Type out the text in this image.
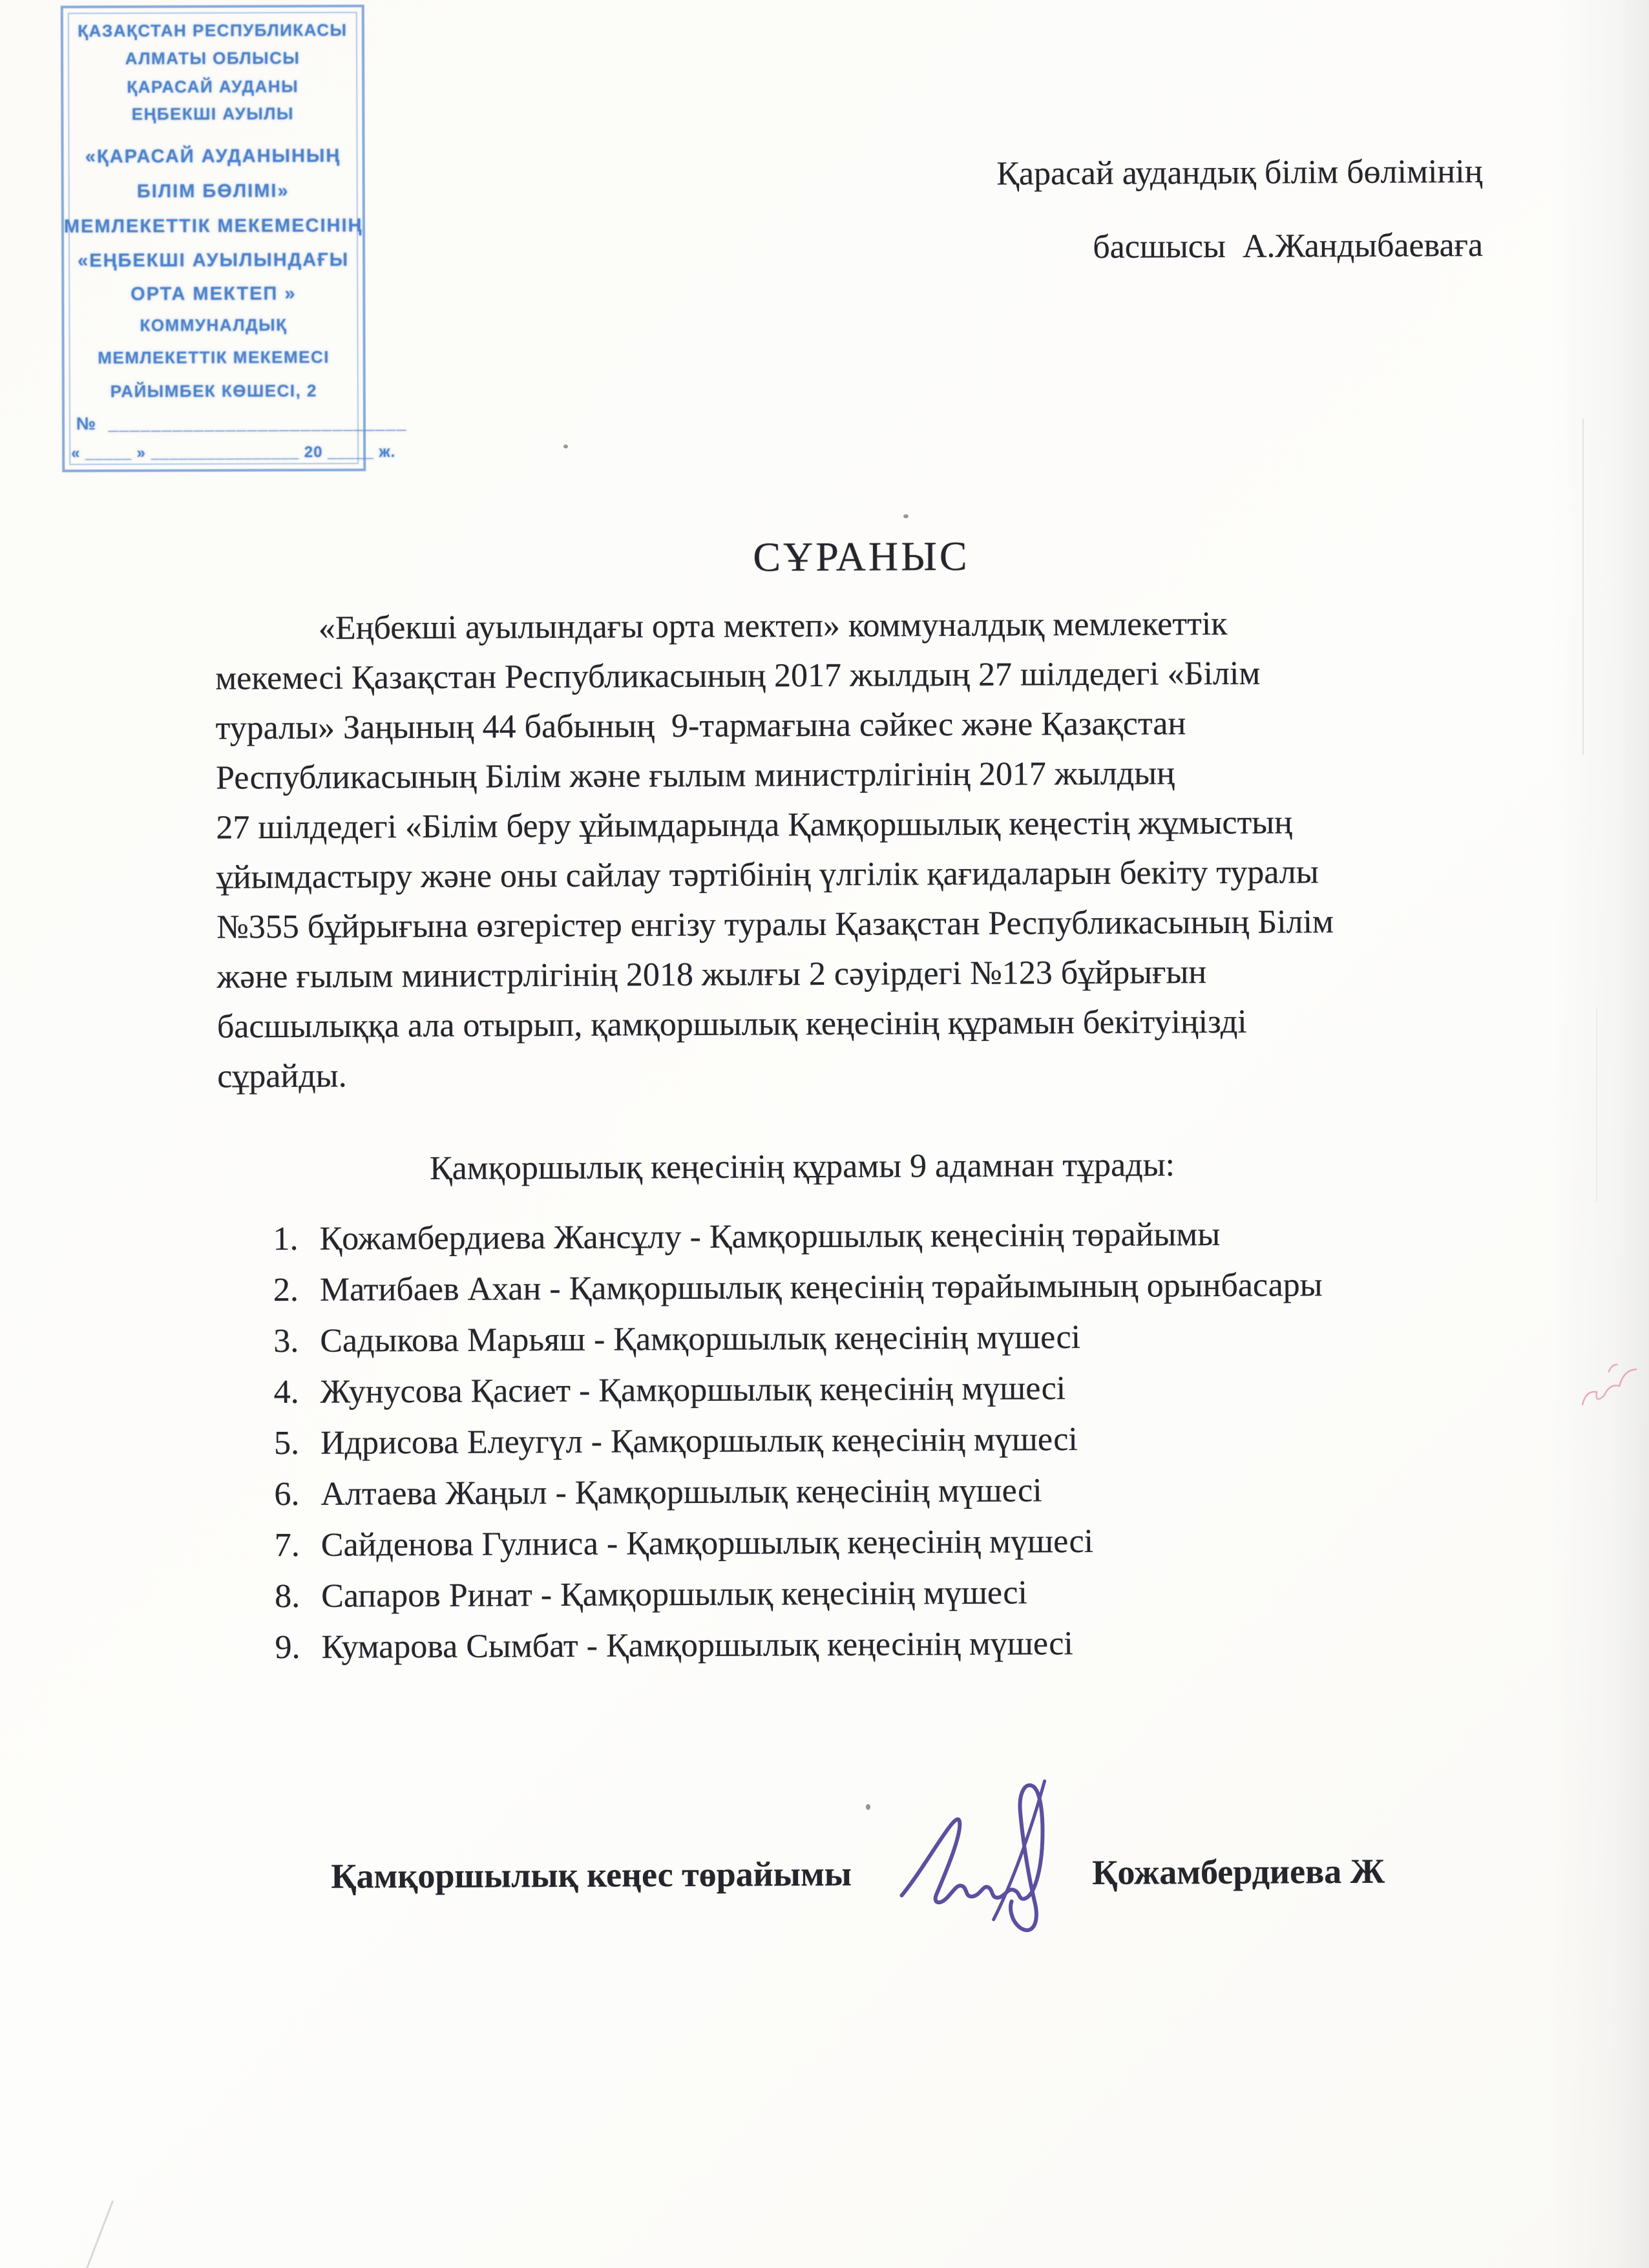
ҚАЗАҚСТАН РЕСПУБЛИКАСЫ
АЛМАТЫ ОБЛЫСЫ
ҚАРАСАЙ АУДАНЫ
ЕҢБЕКШІ АУЫЛЫ
«ҚАРАСАЙ АУДАНЫНЫҢ
БІЛІМ БӨЛІМІ»
МЕМЛЕКЕТТІК МЕКЕМЕСІНІҢ
«ЕҢБЕКШІ АУЫЛЫНДАҒЫ
ОРТА МЕКТЕП »
КОММУНАЛДЫҚ
МЕМЛЕКЕТТІК МЕКЕМЕСІ
РАЙЫМБЕК КӨШЕСІ, 2
№  ____________________________
« _____ » ________________ 20 _____ ж.
Қарасай аудандық білім бөлімінің
басшысы  А.Жандыбаеваға
СҰРАНЫС
«Еңбекші ауылындағы орта мектеп» коммуналдық мемлекеттік
мекемесі Қазақстан Республикасының 2017 жылдың 27 шілдедегі «Білім
туралы» Заңының 44 бабының  9-тармағына сәйкес және Қазақстан
Республикасының Білім және ғылым министрлігінің 2017 жылдың
27 шілдедегі «Білім беру ұйымдарында Қамқоршылық кеңестің жұмыстың
ұйымдастыру және оны сайлау тәртібінің үлгілік қағидаларын бекіту туралы
№355 бұйрығына өзгерістер енгізу туралы Қазақстан Республикасының Білім
және ғылым министрлігінің 2018 жылғы 2 сәуірдегі №123 бұйрығын
басшылыққа ала отырып, қамқоршылық кеңесінің құрамын бекітуіңізді
сұрайды.
Қамқоршылық кеңесінің құрамы 9 адамнан тұрады:
1. Қожамбердиева Жансұлу - Қамқоршылық кеңесінің төрайымы
2. Матибаев Ахан - Қамқоршылық кеңесінің төрайымының орынбасары
3. Садыкова Марьяш - Қамқоршылық кеңесінің мүшесі
4. Жунусова Қасиет - Қамқоршылық кеңесінің мүшесі
5. Идрисова Елеугүл - Қамқоршылық кеңесінің мүшесі
6. Алтаева Жаңыл - Қамқоршылық кеңесінің мүшесі
7. Сайденова Гулниса - Қамқоршылық кеңесінің мүшесі
8. Сапаров Ринат - Қамқоршылық кеңесінің мүшесі
9. Кумарова Сымбат - Қамқоршылық кеңесінің мүшесі
Қамқоршылық кеңес төрайымы	Қожамбердиева Ж
